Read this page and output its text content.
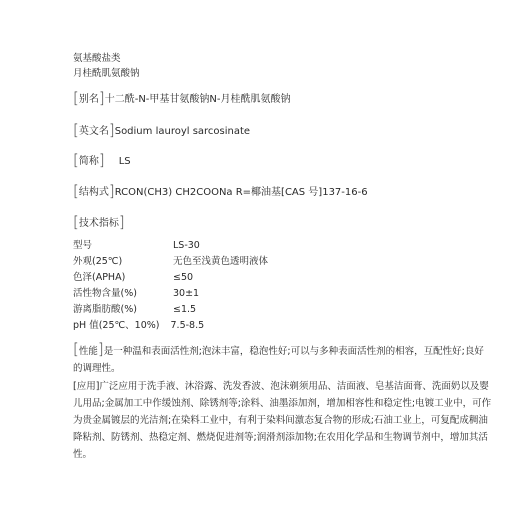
氨基酸盐类
月桂酰肌氨酸钠
[别名]十二酰-N-甲基甘氨酸钠N-月桂酰肌氨酸钠
[英文名]Sodium lauroyl sarcosinate
[简称] LS
[结构式]RCON(CH3) CH2COONa R=椰油基[CAS 号]137-16-6
[技术指标]
型号	LS-30
外观(25℃)	无色至浅黄色透明液体
色泽(APHA)	≤50
活性物含量(%)	30±1
游离脂肪酸(%)	≤1.5
pH 值(25℃、10%) 7.5-8.5
[性能]是一种温和表面活性剂;泡沫丰富，稳泡性好;可以与多种表面活性剂的相容，互配性好;良好的调理性。
[应用]广泛应用于洗手液、沐浴露、洗发香波、泡沫剃须用品、洁面液、皂基洁面膏、洗面奶以及婴儿用品;金属加工中作缓蚀剂、除锈剂等;涂料、油墨添加剂，增加相容性和稳定性;电镀工业中，可作为贵金属镀层的光洁剂;在染料工业中，有利于染料间激态复合物的形成;石油工业上，可复配成稠油降粘剂、防锈剂、热稳定剂、燃烧促进剂等;润滑剂添加物;在农用化学品和生物调节剂中，增加其活性。
